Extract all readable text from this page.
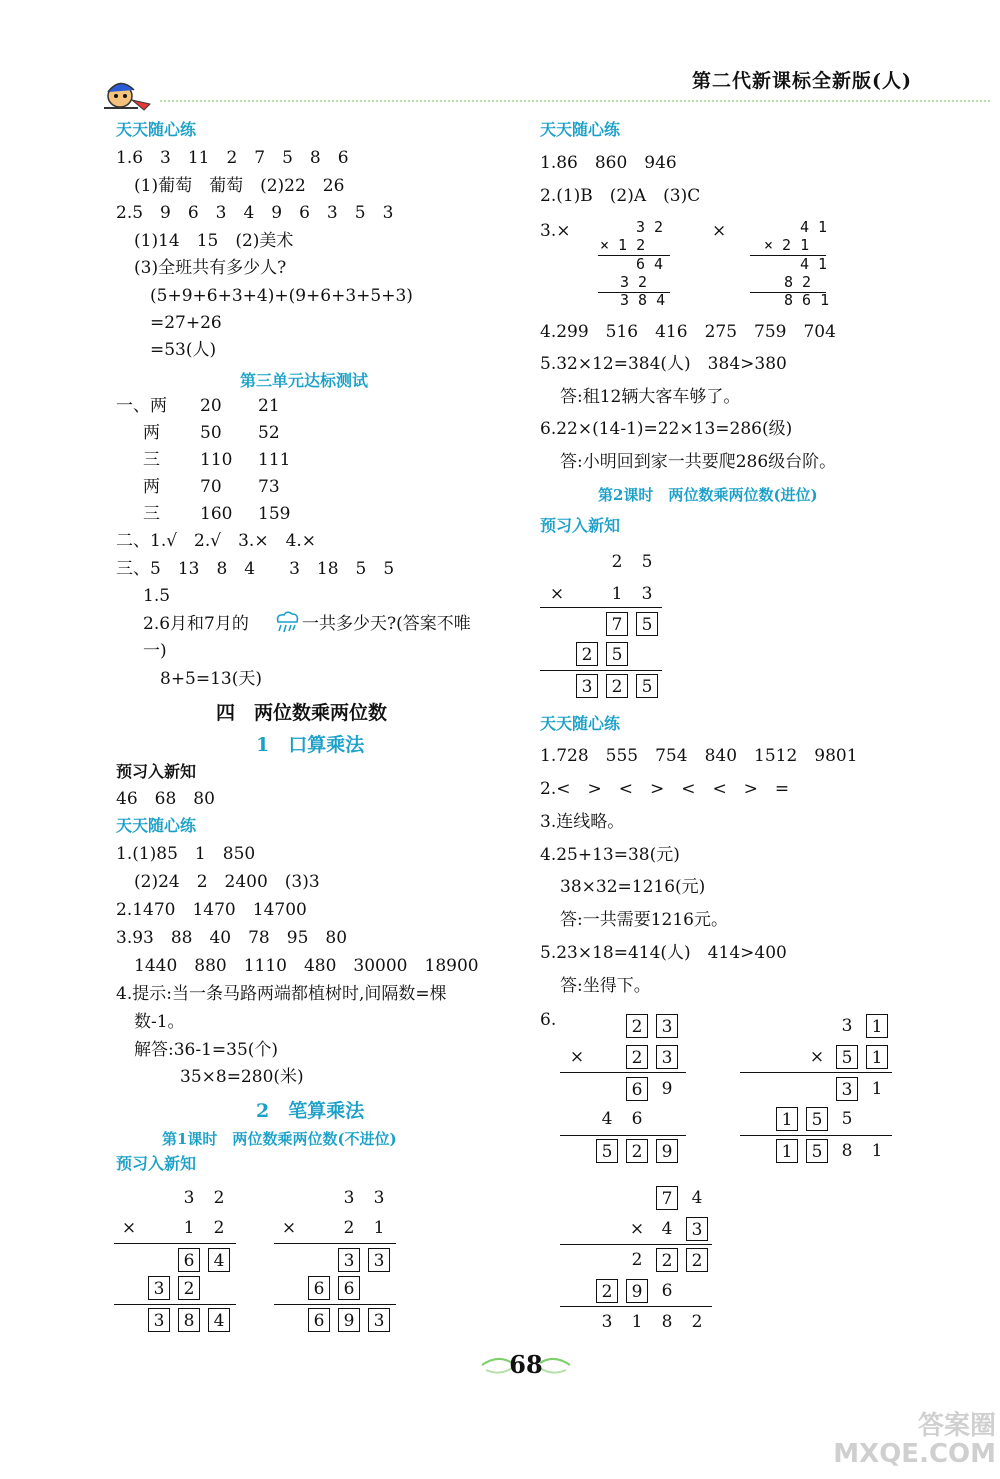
第二代新课标全新版(人)
天天随心练
1.6　3　11　2　7　5　8　6
(1)葡萄　葡萄　(2)22　26
2.5　9　6　3　4　9　6　3　5　3
(1)14　15　(2)美术
(3)全班共有多少人?
(5+9+6+3+4)+(9+6+3+5+3)
=27+26
=53(人)
第三单元达标测试
一、两 20 21
两 50 52
三 110 111
两 70 73
三 160 159
二、1.√　2.√　3.×　4.×
三、5　13　8　4　　3　18　5　5
1.5
2.6月和7月的	一共多少天?(答案不唯
一)
8+5=13(天)
四　两位数乘两位数
1　口算乘法
预习入新知
46　68　80
天天随心练
1.(1)85　1　850
(2)24　2　2400　(3)3
2.1470　1470　14700
3.93　88　40　78　95　80
1440　880　1110　480　30000　18900
4.提示:当一条马路两端都植树时,间隔数=棵
数-1。
解答:36-1=35(个)
35×8=280(米)
2　笔算乘法
第1课时　两位数乘两位数(不进位)
预习入新知
3	2
×	1	2
6	4
3	2
3	8	4
3	3
×	2	1
3	3
6	6
6	9	3
天天随心练
1.86　860　946
2.(1)B　(2)A　(3)C
3.×	3 2
× 1 2
6 4
3 2
3 8 4
×	4 1
× 2 1
4 1
8 2
8 6 1
4.299　516　416　275　759　704
5.32×12=384(人)　384>380
答:租12辆大客车够了。
6.22×(14-1)=22×13=286(级)
答:小明回到家一共要爬286级台阶。
第2课时　两位数乘两位数(进位)
预习入新知
2	5
×	1	3
7	5
2	5
3	2	5
天天随心练
1.728　555　754　840　1512　9801
2.<　>　<　>　<　<　>　=
3.连线略。
4.25+13=38(元)
38×32=1216(元)
答:一共需要1216元。
5.23×18=414(人)　414>400
答:坐得下。
6.	2	3
×	2	3
6	9
4	6
5	2	9
3	1
×	5	1
3	1
1	5	5
1	5	8	1
7	4
×	4	3
2	2	2
2	9	6
3	1	8	2
68
答案圈 MXQE.COM
